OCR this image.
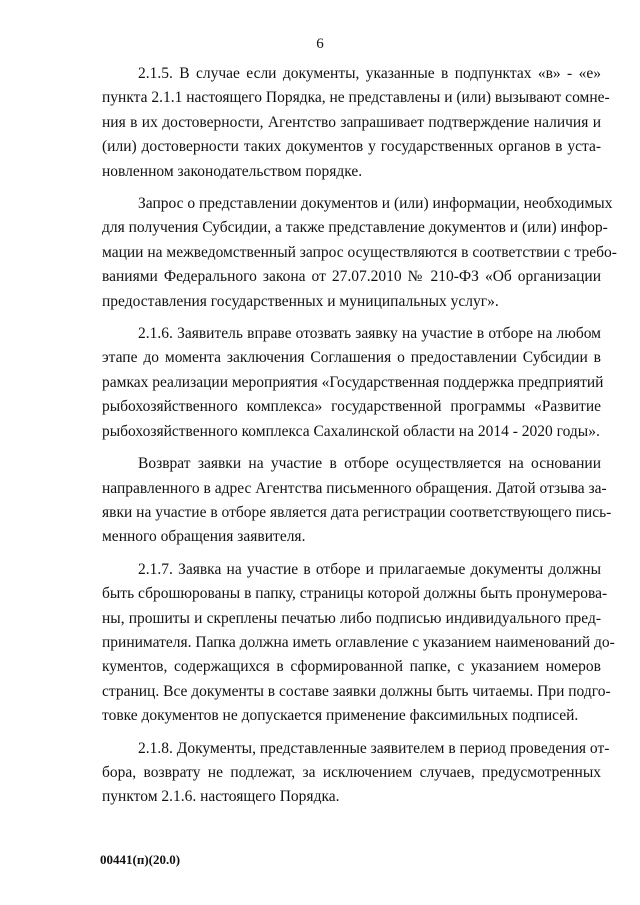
6
2.1.5. В случае если документы, указанные в подпунктах «в» - «е»
пункта 2.1.1 настоящего Порядка, не представлены и (или) вызывают сомне-
ния в их достоверности, Агентство запрашивает подтверждение наличия и
(или) достоверности таких документов у государственных органов в уста-
новленном законодательством порядке.
Запрос о представлении документов и (или) информации, необходимых
для получения Субсидии, а также представление документов и (или) инфор-
мации на межведомственный запрос осуществляются в соответствии с требо-
ваниями Федерального закона от 27.07.2010 № 210-ФЗ «Об организации
предоставления государственных и муниципальных услуг».
2.1.6. Заявитель вправе отозвать заявку на участие в отборе на любом
этапе до момента заключения Соглашения о предоставлении Субсидии в
рамках реализации мероприятия «Государственная поддержка предприятий
рыбохозяйственного комплекса» государственной программы «Развитие
рыбохозяйственного комплекса Сахалинской области на 2014 - 2020 годы».
Возврат заявки на участие в отборе осуществляется на основании
направленного в адрес Агентства письменного обращения. Датой отзыва за-
явки на участие в отборе является дата регистрации соответствующего пись-
менного обращения заявителя.
2.1.7. Заявка на участие в отборе и прилагаемые документы должны
быть сброшюрованы в папку, страницы которой должны быть пронумерова-
ны, прошиты и скреплены печатью либо подписью индивидуального пред-
принимателя. Папка должна иметь оглавление с указанием наименований до-
кументов, содержащихся в сформированной папке, с указанием номеров
страниц. Все документы в составе заявки должны быть читаемы. При подго-
товке документов не допускается применение факсимильных подписей.
2.1.8. Документы, представленные заявителем в период проведения от-
бора, возврату не подлежат, за исключением случаев, предусмотренных
пунктом 2.1.6. настоящего Порядка.
00441(п)(20.0)
